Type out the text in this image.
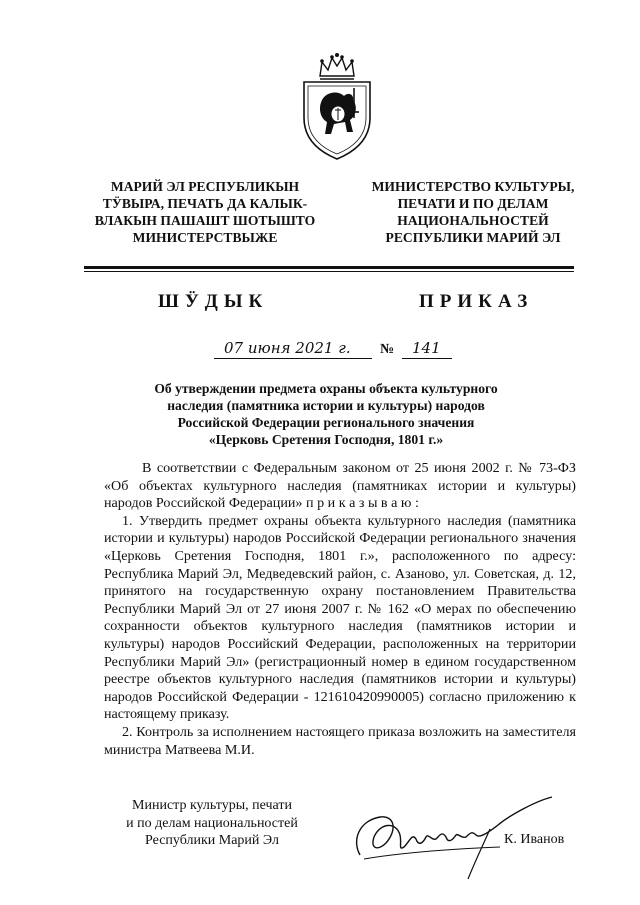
МАРИЙ ЭЛ РЕСПУБЛИКЫН
ТӰВЫРА, ПЕЧАТЬ ДА КАЛЫК-
ВЛАКЫН ПАШАШТ ШОТЫШТО
МИНИСТЕРСТВЫЖЕ
МИНИСТЕРСТВО КУЛЬТУРЫ,
ПЕЧАТИ И ПО ДЕЛАМ
НАЦИОНАЛЬНОСТЕЙ
РЕСПУБЛИКИ МАРИЙ ЭЛ
ШӰДЫК	ПРИКАЗ
07 июня 2021 г. № 141
Об утверждении предмета охраны объекта культурного
наследия (памятника истории и культуры) народов
Российской Федерации регионального значения
«Церковь Сретения Господня, 1801 г.»

В соответствии с Федеральным законом от 25 июня 2002 г. № 73-ФЗ «Об объектах культурного наследия (памятниках истории и культуры) народов Российской Федерации» п р и к а з ы в а ю :

1. Утвердить предмет охраны объекта культурного наследия (памятника истории и культуры) народов Российской Федерации регионального значения «Церковь Сретения Господня, 1801 г.», расположенного по адресу: Республика Марий Эл, Медведевский район, с. Азаново, ул. Советская, д. 12, принятого на государственную охрану постановлением Правительства Республики Марий Эл от 27 июня 2007 г. № 162 «О мерах по обеспечению сохранности объектов культурного наследия (памятников истории и культуры) народов Российский Федерации, расположенных на территории Республики Марий Эл» (регистрационный номер в едином государственном реестре объектов культурного наследия (памятников истории и культуры) народов Российской Федерации - 121610420990005) согласно приложению к настоящему приказу.

2. Контроль за исполнением настоящего приказа возложить на заместителя министра Матвеева М.И.

Министр культуры, печати
и по делам национальностей
Республики Марий Эл	К. Иванов
